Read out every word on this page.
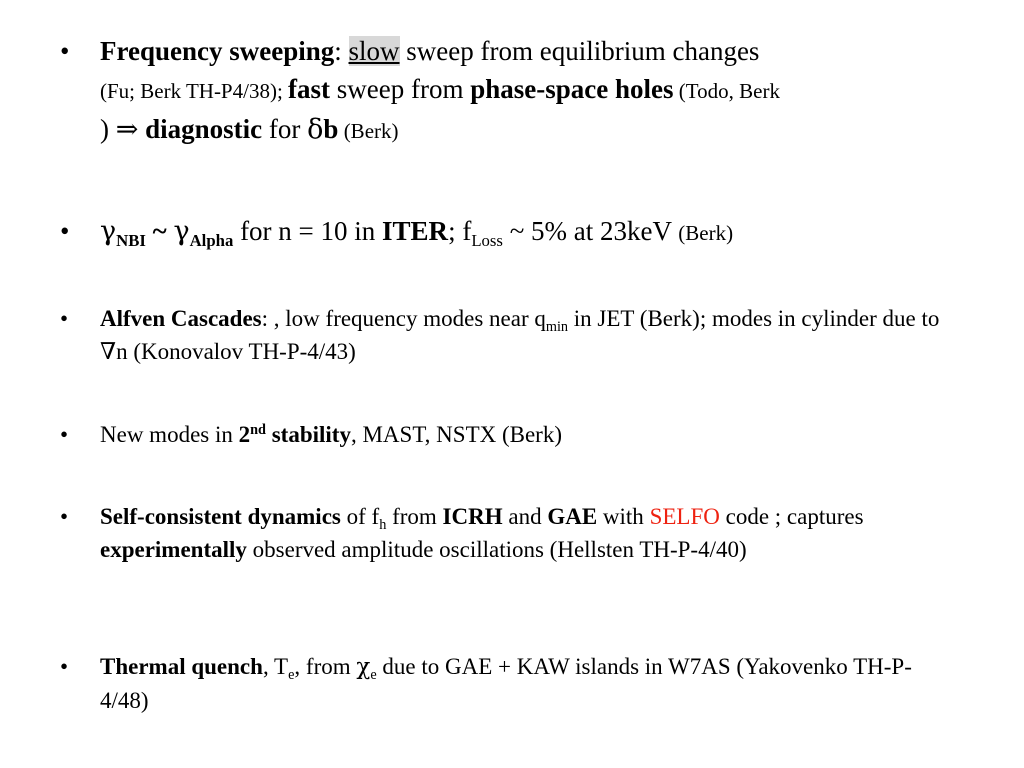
• Frequency sweeping: slow sweep from equilibrium changes
(Fu; Berk TH-P4/38); fast sweep from phase-space holes (Todo, Berk
) ⇒ diagnostic for δb (Berk)
• $\gamma_{NBI}$ ~ $\gamma_{Alpha}$ for n = 10 in ITER; $f_{Loss}$ ~ 5% at 23keV (Berk)
• Alfven Cascades: , low frequency modes near $q_{min}$ in JET (Berk); modes in cylinder due to ∇n (Konovalov TH-P-4/43)
• New modes in 2nd stability, MAST, NSTX (Berk)
• Self-consistent dynamics of $f_h$ from ICRH and GAE with SELFO code ; captures experimentally observed amplitude oscillations (Hellsten TH-P-4/40)
• Thermal quench, $T_e$, from $\chi_e$ due to GAE + KAW islands in W7AS (Yakovenko TH-P-4/48)
